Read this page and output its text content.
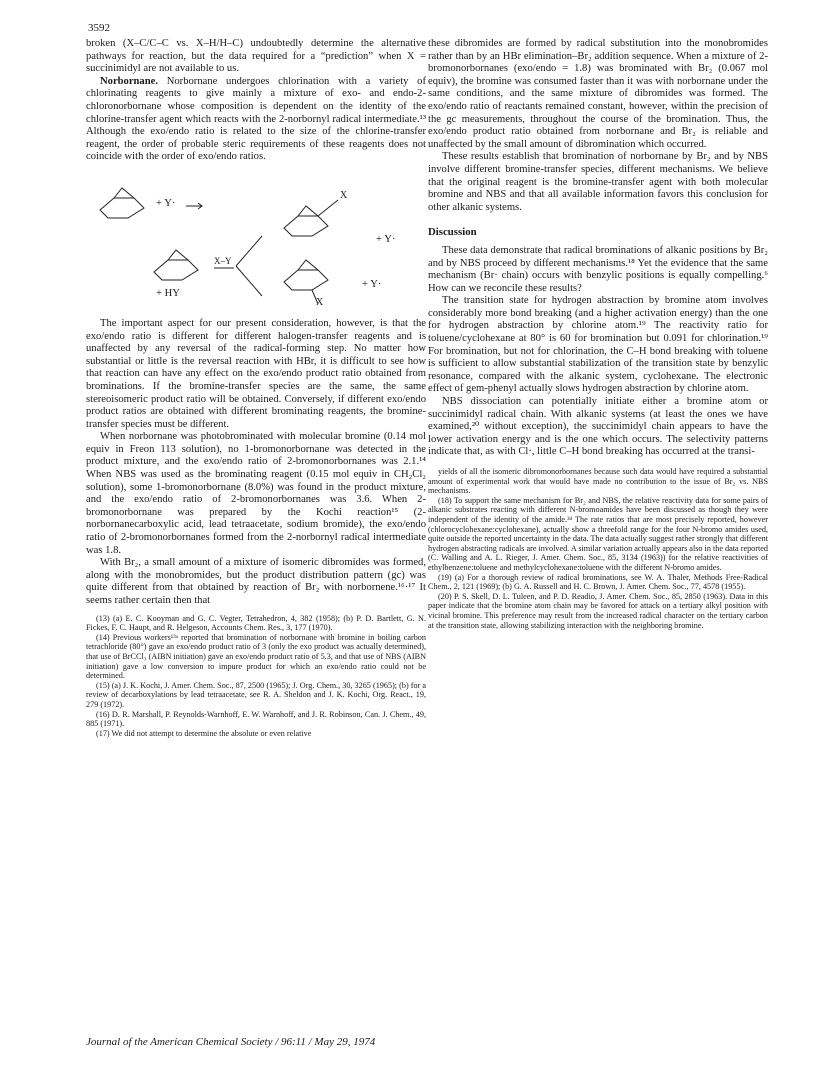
3592

broken (X–C/C–C vs. X–H/H–C) undoubtedly determine the alternative pathways for reaction, but the data required for a “prediction” when X = succinimidyl are not available to us.

Norbornane. Norbornane undergoes chlorination with a variety of chlorinating reagents to give mainly a mixture of exo- and endo-2-chloronorbornane whose composition is dependent on the identity of the chlorine-transfer agent which reacts with the 2-norbornyl radical intermediate.¹³ Although the exo/endo ratio is related to the size of the chlorine-transfer reagent, the order of probable steric requirements of these reagents does not coincide with the order of exo/endo ratios.

+ Y·
X–Y
+ HY
X
+ Y·
+ Y·
X

The important aspect for our present consideration, however, is that the exo/endo ratio is different for different halogen-transfer reagents and is unaffected by any reversal of the radical-forming step. No matter how substantial or little is the reversal reaction with HBr, it is difficult to see how that reaction can have any effect on the exo/endo product ratio obtained from brominations. If the bromine-transfer species are the same, the same stereoisomeric product ratio will be obtained. Conversely, if different exo/endo product ratios are obtained with different brominating reagents, the bromine-transfer species must be different.

When norbornane was photobrominated with molecular bromine (0.14 mol equiv in Freon 113 solution), no 1-bromonorbornane was detected in the product mixture, and the exo/endo ratio of 2-bromonorbornanes was 2.1.¹⁴ When NBS was used as the brominating reagent (0.15 mol equiv in CH₂Cl₂ solution), some 1-bromonorbornane (8.0%) was found in the product mixture, and the exo/endo ratio of 2-bromonorbornanes was 3.6. When 2-bromonorbornane was prepared by the Kochi reaction¹⁵ (2-norbornanecarboxylic acid, lead tetraacetate, sodium bromide), the exo/endo ratio of 2-bromonorbornanes formed from the 2-norbornyl radical intermediate was 1.8.

With Br₂, a small amount of a mixture of isomeric dibromides was formed, along with the monobromides, but the product distribution pattern (gc) was quite different from that obtained by reaction of Br₂ with norbornene.¹⁶·¹⁷ It seems rather certain then that

(13) (a) E. C. Kooyman and G. C. Vegter, Tetrahedron, 4, 382 (1958); (b) P. D. Bartlett, G. N. Fickes, F. C. Haupt, and R. Helgeson, Accounts Chem. Res., 3, 177 (1970).

(14) Previous workers¹³ᵃ reported that bromination of norbornane with bromine in boiling carbon tetrachloride (80°) gave an exo/endo product ratio of 3 (only the exo product was actually determined), that use of BrCCl₃ (AIBN initiation) gave an exo/endo product ratio of 5.3, and that use of NBS (AIBN initiation) gave a low conversion to impure product for which an exo/endo ratio could not be determined.

(15) (a) J. K. Kochi, J. Amer. Chem. Soc., 87, 2500 (1965); J. Org. Chem., 30, 3265 (1965); (b) for a review of decarboxylations by lead tetraacetate, see R. A. Sheldon and J. K. Kochi, Org. React., 19, 279 (1972).

(16) D. R. Marshall, P. Reynolds-Warnhoff, E. W. Warnhoff, and J. R. Robinson, Can. J. Chem., 49, 885 (1971).

(17) We did not attempt to determine the absolute or even relative

these dibromides are formed by radical substitution into the monobromides rather than by an HBr elimination–Br₂ addition sequence. When a mixture of 2-bromonorbornanes (exo/endo = 1.8) was brominated with Br₂ (0.067 mol equiv), the bromine was consumed faster than it was with norbornane under the same conditions, and the same mixture of dibromides was formed. The exo/endo ratio of reactants remained constant, however, within the precision of the gc measurements, throughout the course of the bromination. Thus, the exo/endo product ratio obtained from norbornane and Br₂ is reliable and unaffected by the small amount of dibromination which occurred.

These results establish that bromination of norbornane by Br₂ and by NBS involve different bromine-transfer species, different mechanisms. We believe that the original reagent is the bromine-transfer agent with both molecular bromine and NBS and that all available information favors this conclusion for other alkanic systems.

Discussion

These data demonstrate that radical brominations of alkanic positions by Br₂ and by NBS proceed by different mechanisms.¹⁸ Yet the evidence that the same mechanism (Br· chain) occurs with benzylic positions is equally compelling.⁶ How can we reconcile these results?

The transition state for hydrogen abstraction by bromine atom involves considerably more bond breaking (and a higher activation energy) than the one for hydrogen abstraction by chlorine atom.¹⁹ The reactivity ratio for toluene/cyclohexane at 80° is 60 for bromination but 0.091 for chlorination.¹⁹ For bromination, but not for chlorination, the C–H bond breaking with toluene is sufficient to allow substantial stabilization of the transition state by benzylic resonance, compared with the alkanic system, cyclohexane. The electronic effect of gem-phenyl actually slows hydrogen abstraction by chlorine atom.

NBS dissociation can potentially initiate either a bromine atom or succinimidyl radical chain. With alkanic systems (at least the ones we have examined,²⁰ without exception), the succinimidyl chain appears to have the lower activation energy and is the one which occurs. The selectivity patterns indicate that, as with Cl·, little C–H bond breaking has occurred at the transi-

yields of all the isomeric dibromonorbornanes because such data would have required a substantial amount of experimental work that would have made no contribution to the issue of Br₂ vs. NBS mechanisms.

(18) To support the same mechanism for Br₂ and NBS, the relative reactivity data for some pairs of alkanic substrates reacting with different N-bromoamides have been discussed as though they were independent of the identity of the amide.³ᵈ The rate ratios that are most precisely reported, however (chlorocyclohexane:cyclohexane), actually show a threefold range for the four N-bromo amides used, quite outside the reported uncertainty in the data. The data actually suggest rather strongly that different hydrogen abstracting radicals are involved. A similar variation actually appears also in the data reported (C. Walling and A. L. Rieger, J. Amer. Chem. Soc., 85, 3134 (1963)) for the relative reactivities of ethylbenzene:toluene and methylcyclohexane:toluene with the different N-bromo amides.

(19) (a) For a thorough review of radical brominations, see W. A. Thaler, Methods Free-Radical Chem., 2, 121 (1969); (b) G. A. Russell and H. C. Brown, J. Amer. Chem. Soc., 77, 4578 (1955).

(20) P. S. Skell, D. L. Tuleen, and P. D. Readio, J. Amer. Chem. Soc., 85, 2850 (1963). Data in this paper indicate that the bromine atom chain may be favored for attack on a tertiary alkyl position with vicinal bromine. This preference may result from the increased radical character on the tertiary carbon at the transition state, allowing stabilizing interaction with the neighboring bromine.

Journal of the American Chemical Society / 96:11 / May 29, 1974
